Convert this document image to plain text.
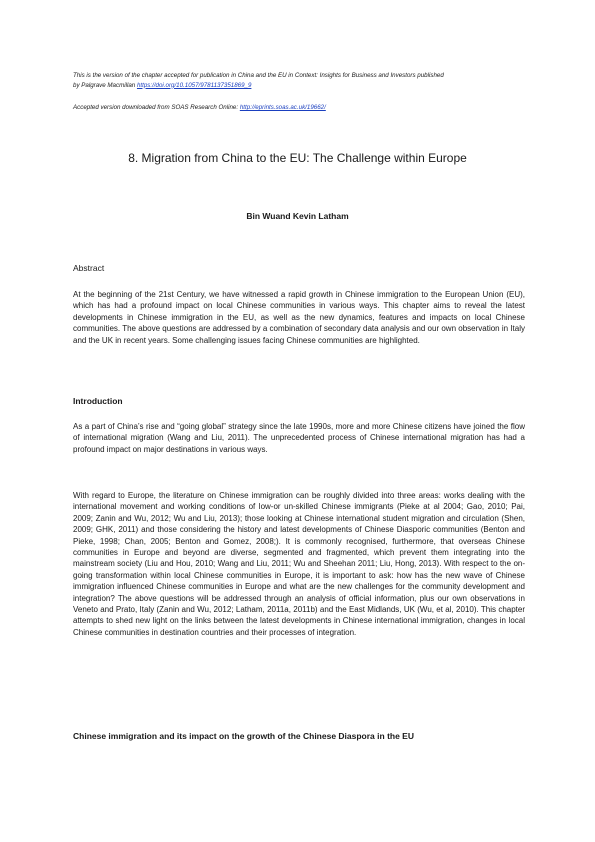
This is the version of the chapter accepted for publication in China and the EU in Context: Insights for Business and Investors published
by Palgrave Macmillan https://doi.org/10.1057/9781137351869_9
Accepted version downloaded from SOAS Research Online: http://eprints.soas.ac.uk/19662/
8. Migration from China to the EU: The Challenge within Europe
Bin Wuand Kevin Latham
Abstract
At the beginning of the 21st Century, we have witnessed a rapid growth in Chinese immigration to the European Union (EU), which has had a profound impact on local Chinese communities in various ways. This chapter aims to reveal the latest developments in Chinese immigration in the EU, as well as the new dynamics, features and impacts on local Chinese communities. The above questions are addressed by a combination of secondary data analysis and our own observation in Italy and the UK in recent years. Some challenging issues facing Chinese communities are highlighted.
Introduction
As a part of China’s rise and “going global” strategy since the late 1990s, more and more Chinese citizens have joined the flow of international migration (Wang and Liu, 2011). The unprecedented process of Chinese international migration has had a profound impact on major destinations in various ways.
With regard to Europe, the literature on Chinese immigration can be roughly divided into three areas: works dealing with the international movement and working conditions of low-or un-skilled Chinese immigrants (Pieke at al 2004; Gao, 2010; Pai, 2009; Zanin and Wu, 2012; Wu and Liu, 2013); those looking at Chinese international student migration and circulation (Shen, 2009; GHK, 2011) and those considering the history and latest developments of Chinese Diasporic communities (Benton and Pieke, 1998; Chan, 2005; Benton and Gomez, 2008;). It is commonly recognised, furthermore, that overseas Chinese communities in Europe and beyond are diverse, segmented and fragmented, which prevent them integrating into the mainstream society (Liu and Hou, 2010; Wang and Liu, 2011; Wu and Sheehan 2011; Liu, Hong, 2013). With respect to the on-going transformation within local Chinese communities in Europe, it is important to ask: how has the new wave of Chinese immigration influenced Chinese communities in Europe and what are the new challenges for the community development and integration? The above questions will be addressed through an analysis of official information, plus our own observations in Veneto and Prato, Italy (Zanin and Wu, 2012; Latham, 2011a, 2011b) and the East Midlands, UK (Wu, et al, 2010). This chapter attempts to shed new light on the links between the latest developments in Chinese international immigration, changes in local Chinese communities in destination countries and their processes of integration.
Chinese immigration and its impact on the growth of the Chinese Diaspora in the EU
